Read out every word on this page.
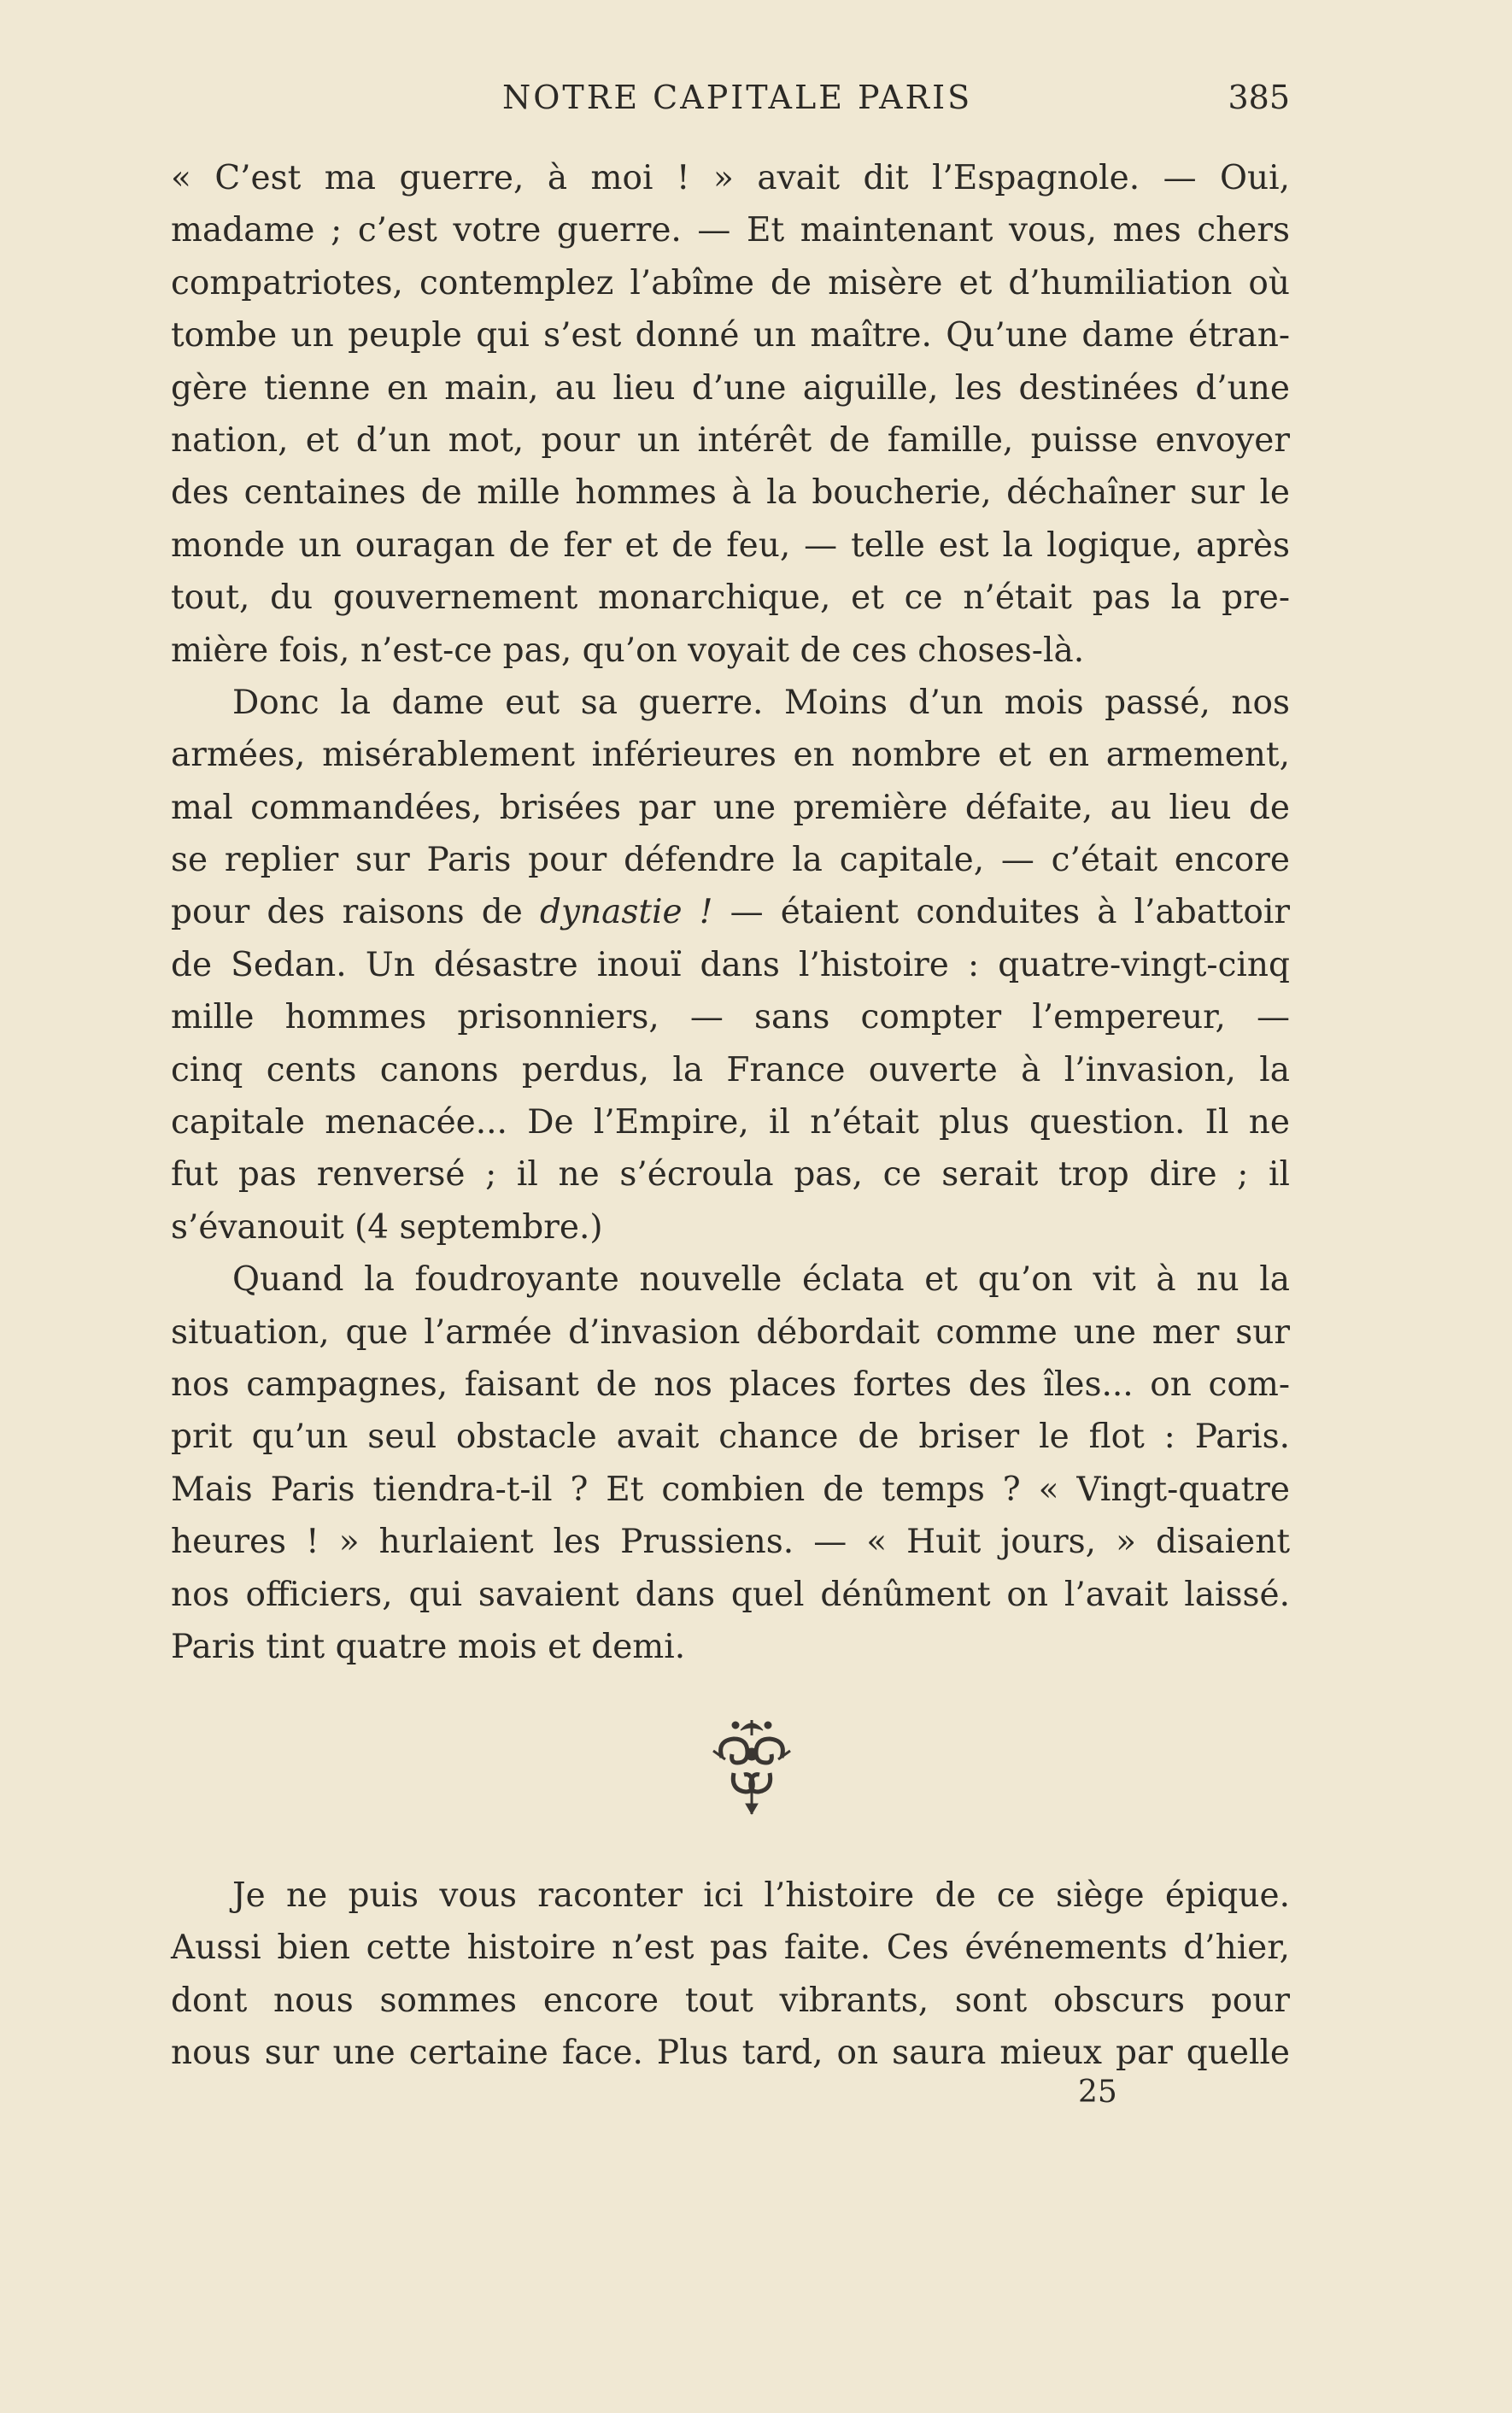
NOTRE CAPITALE PARIS	385
« C’est ma guerre, à moi ! » avait dit l’Espagnole. — Oui,
madame ; c’est votre guerre. — Et maintenant vous, mes chers
compatriotes, contemplez l’abîme de misère et d’humiliation où
tombe un peuple qui s’est donné un maître. Qu’une dame étran-
gère tienne en main, au lieu d’une aiguille, les destinées d’une
nation, et d’un mot, pour un intérêt de famille, puisse envoyer
des centaines de mille hommes à la boucherie, déchaîner sur le
monde un ouragan de fer et de feu, — telle est la logique, après
tout, du gouvernement monarchique, et ce n’était pas la pre-
mière fois, n’est-ce pas, qu’on voyait de ces choses-là.
Donc la dame eut sa guerre. Moins d’un mois passé, nos
armées, misérablement inférieures en nombre et en armement,
mal commandées, brisées par une première défaite, au lieu de
se replier sur Paris pour défendre la capitale, — c’était encore
pour des raisons de dynastie ! — étaient conduites à l’abattoir
de Sedan. Un désastre inouï dans l’histoire : quatre-vingt-cinq
mille hommes prisonniers, — sans compter l’empereur, —
cinq cents canons perdus, la France ouverte à l’invasion, la
capitale menacée... De l’Empire, il n’était plus question. Il ne
fut pas renversé ; il ne s’écroula pas, ce serait trop dire ; il
s’évanouit (4 septembre.)
Quand la foudroyante nouvelle éclata et qu’on vit à nu la
situation, que l’armée d’invasion débordait comme une mer sur
nos campagnes, faisant de nos places fortes des îles... on com-
prit qu’un seul obstacle avait chance de briser le flot : Paris.
Mais Paris tiendra-t-il ? Et combien de temps ? « Vingt-quatre
heures ! » hurlaient les Prussiens. — « Huit jours, » disaient
nos officiers, qui savaient dans quel dénûment on l’avait laissé.
Paris tint quatre mois et demi.
Je ne puis vous raconter ici l’histoire de ce siège épique.
Aussi bien cette histoire n’est pas faite. Ces événements d’hier,
dont nous sommes encore tout vibrants, sont obscurs pour
nous sur une certaine face. Plus tard, on saura mieux par quelle
25
